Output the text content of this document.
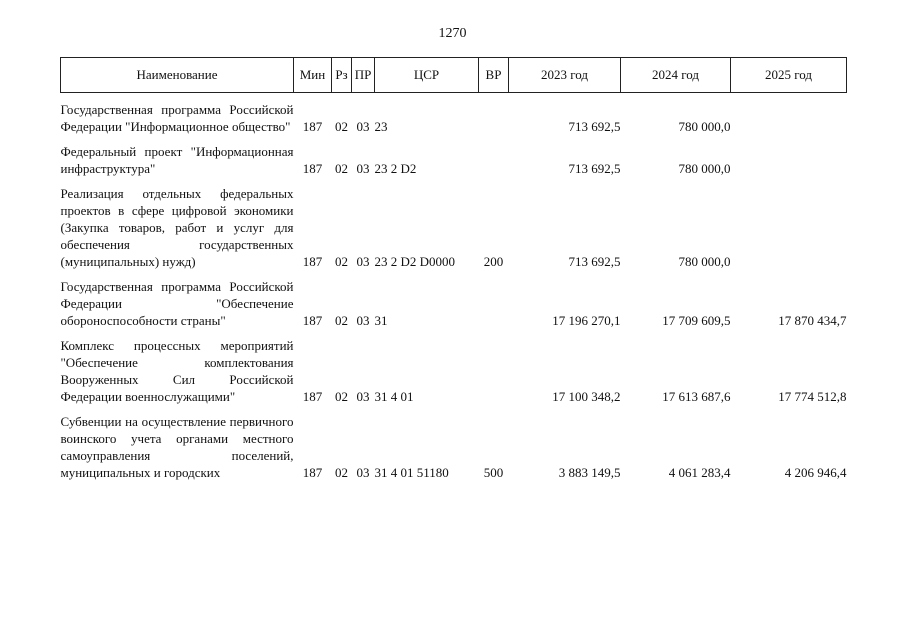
1270
Наименование	Мин	Рз	ПР	ЦСР	ВР	2023 год	2024 год	2025 год
Государственная программа Российской Федерации "Информационное общество"	187	02	03	23		713 692,5	780 000,0	
Федеральный проект "Информационная инфраструктура"	187	02	03	23 2 D2		713 692,5	780 000,0	
Реализация отдельных федеральных проектов в сфере цифровой экономики (Закупка товаров, работ и услуг для обеспечения государственных (муниципальных) нужд)	187	02	03	23 2 D2 D0000	200	713 692,5	780 000,0	
Государственная программа Российской Федерации "Обеспечение обороноспособности страны"	187	02	03	31		17 196 270,1	17 709 609,5	17 870 434,7
Комплекс процессных мероприятий "Обеспечение комплектования Вооруженных Сил Российской Федерации военнослужащими"	187	02	03	31 4 01		17 100 348,2	17 613 687,6	17 774 512,8
Субвенции на осуществление первичного воинского учета органами местного самоуправления поселений, муниципальных и городских	187	02	03	31 4 01 51180	500	3 883 149,5	4 061 283,4	4 206 946,4
